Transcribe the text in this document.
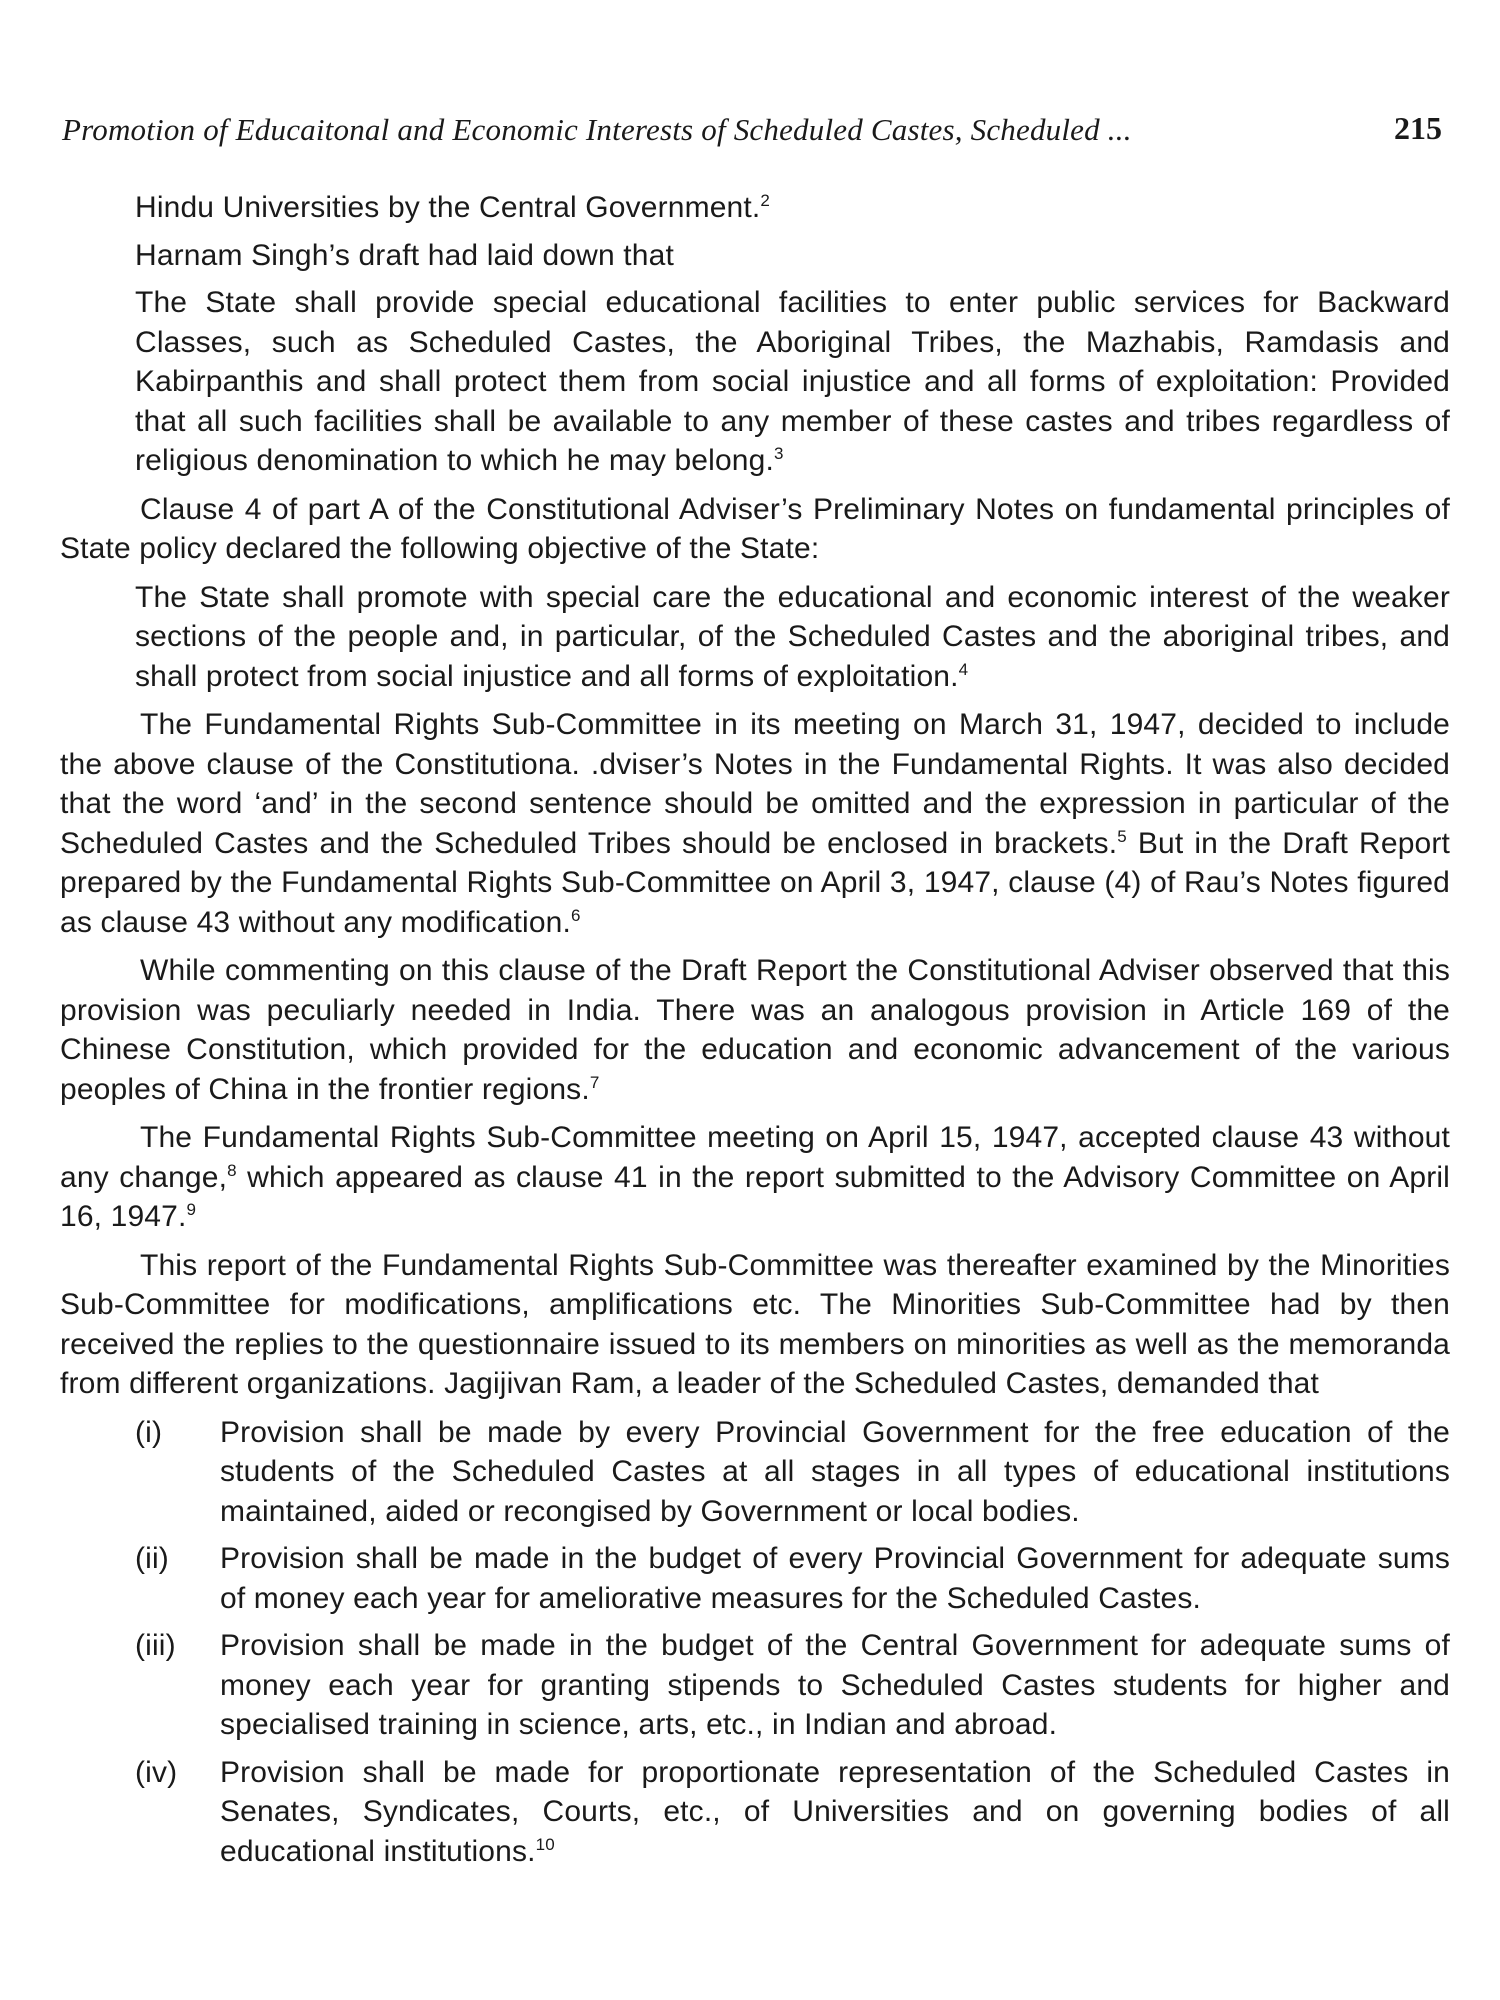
Promotion of Educaitonal and Economic Interests of Scheduled Castes, Scheduled ...	215

Hindu Universities by the Central Government.$^2$

Harnam Singh’s draft had laid down that

The State shall provide special educational facilities to enter public services for Backward Classes, such as Scheduled Castes, the Aboriginal Tribes, the Mazhabis, Ramdasis and Kabirpanthis and shall protect them from social injustice and all forms of exploitation: Provided that all such facilities shall be available to any member of these castes and tribes regardless of religious denomination to which he may belong.$^3$

Clause 4 of part A of the Constitutional Adviser’s Preliminary Notes on fundamental principles of State policy declared the following objective of the State:

The State shall promote with special care the educational and economic interest of the weaker sections of the people and, in particular, of the Scheduled Castes and the aboriginal tribes, and shall protect from social injustice and all forms of exploitation.$^4$

The Fundamental Rights Sub-Committee in its meeting on March 31, 1947, decided to include the above clause of the Constitutiona. .dviser’s Notes in the Fundamental Rights. It was also decided that the word ‘and’ in the second sentence should be omitted and the expression in particular of the Scheduled Castes and the Scheduled Tribes should be enclosed in brackets.$^5$ But in the Draft Report prepared by the Fundamental Rights Sub-Committee on April 3, 1947, clause (4) of Rau’s Notes figured as clause 43 without any modification.$^6$

While commenting on this clause of the Draft Report the Constitutional Adviser observed that this provision was peculiarly needed in India. There was an analogous provision in Article 169 of the Chinese Constitution, which provided for the education and economic advancement of the various peoples of China in the frontier regions.$^7$

The Fundamental Rights Sub-Committee meeting on April 15, 1947, accepted clause 43 without any change,$^8$ which appeared as clause 41 in the report submitted to the Advisory Committee on April 16, 1947.$^9$

This report of the Fundamental Rights Sub-Committee was thereafter examined by the Minorities Sub-Committee for modifications, amplifications etc. The Minorities Sub-Committee had by then received the replies to the questionnaire issued to its members on minorities as well as the memoranda from different organizations. Jagijivan Ram, a leader of the Scheduled Castes, demanded that

(i)	Provision shall be made by every Provincial Government for the free education of the students of the Scheduled Castes at all stages in all types of educational institutions maintained, aided or recongised by Government or local bodies.
(ii)	Provision shall be made in the budget of every Provincial Government for adequate sums of money each year for ameliorative measures for the Scheduled Castes.
(iii)	Provision shall be made in the budget of the Central Government for adequate sums of money each year for granting stipends to Scheduled Castes students for higher and specialised training in science, arts, etc., in Indian and abroad.
(iv)	Provision shall be made for proportionate representation of the Scheduled Castes in Senates, Syndicates, Courts, etc., of Universities and on governing bodies of all educational institutions.$^{10}$
